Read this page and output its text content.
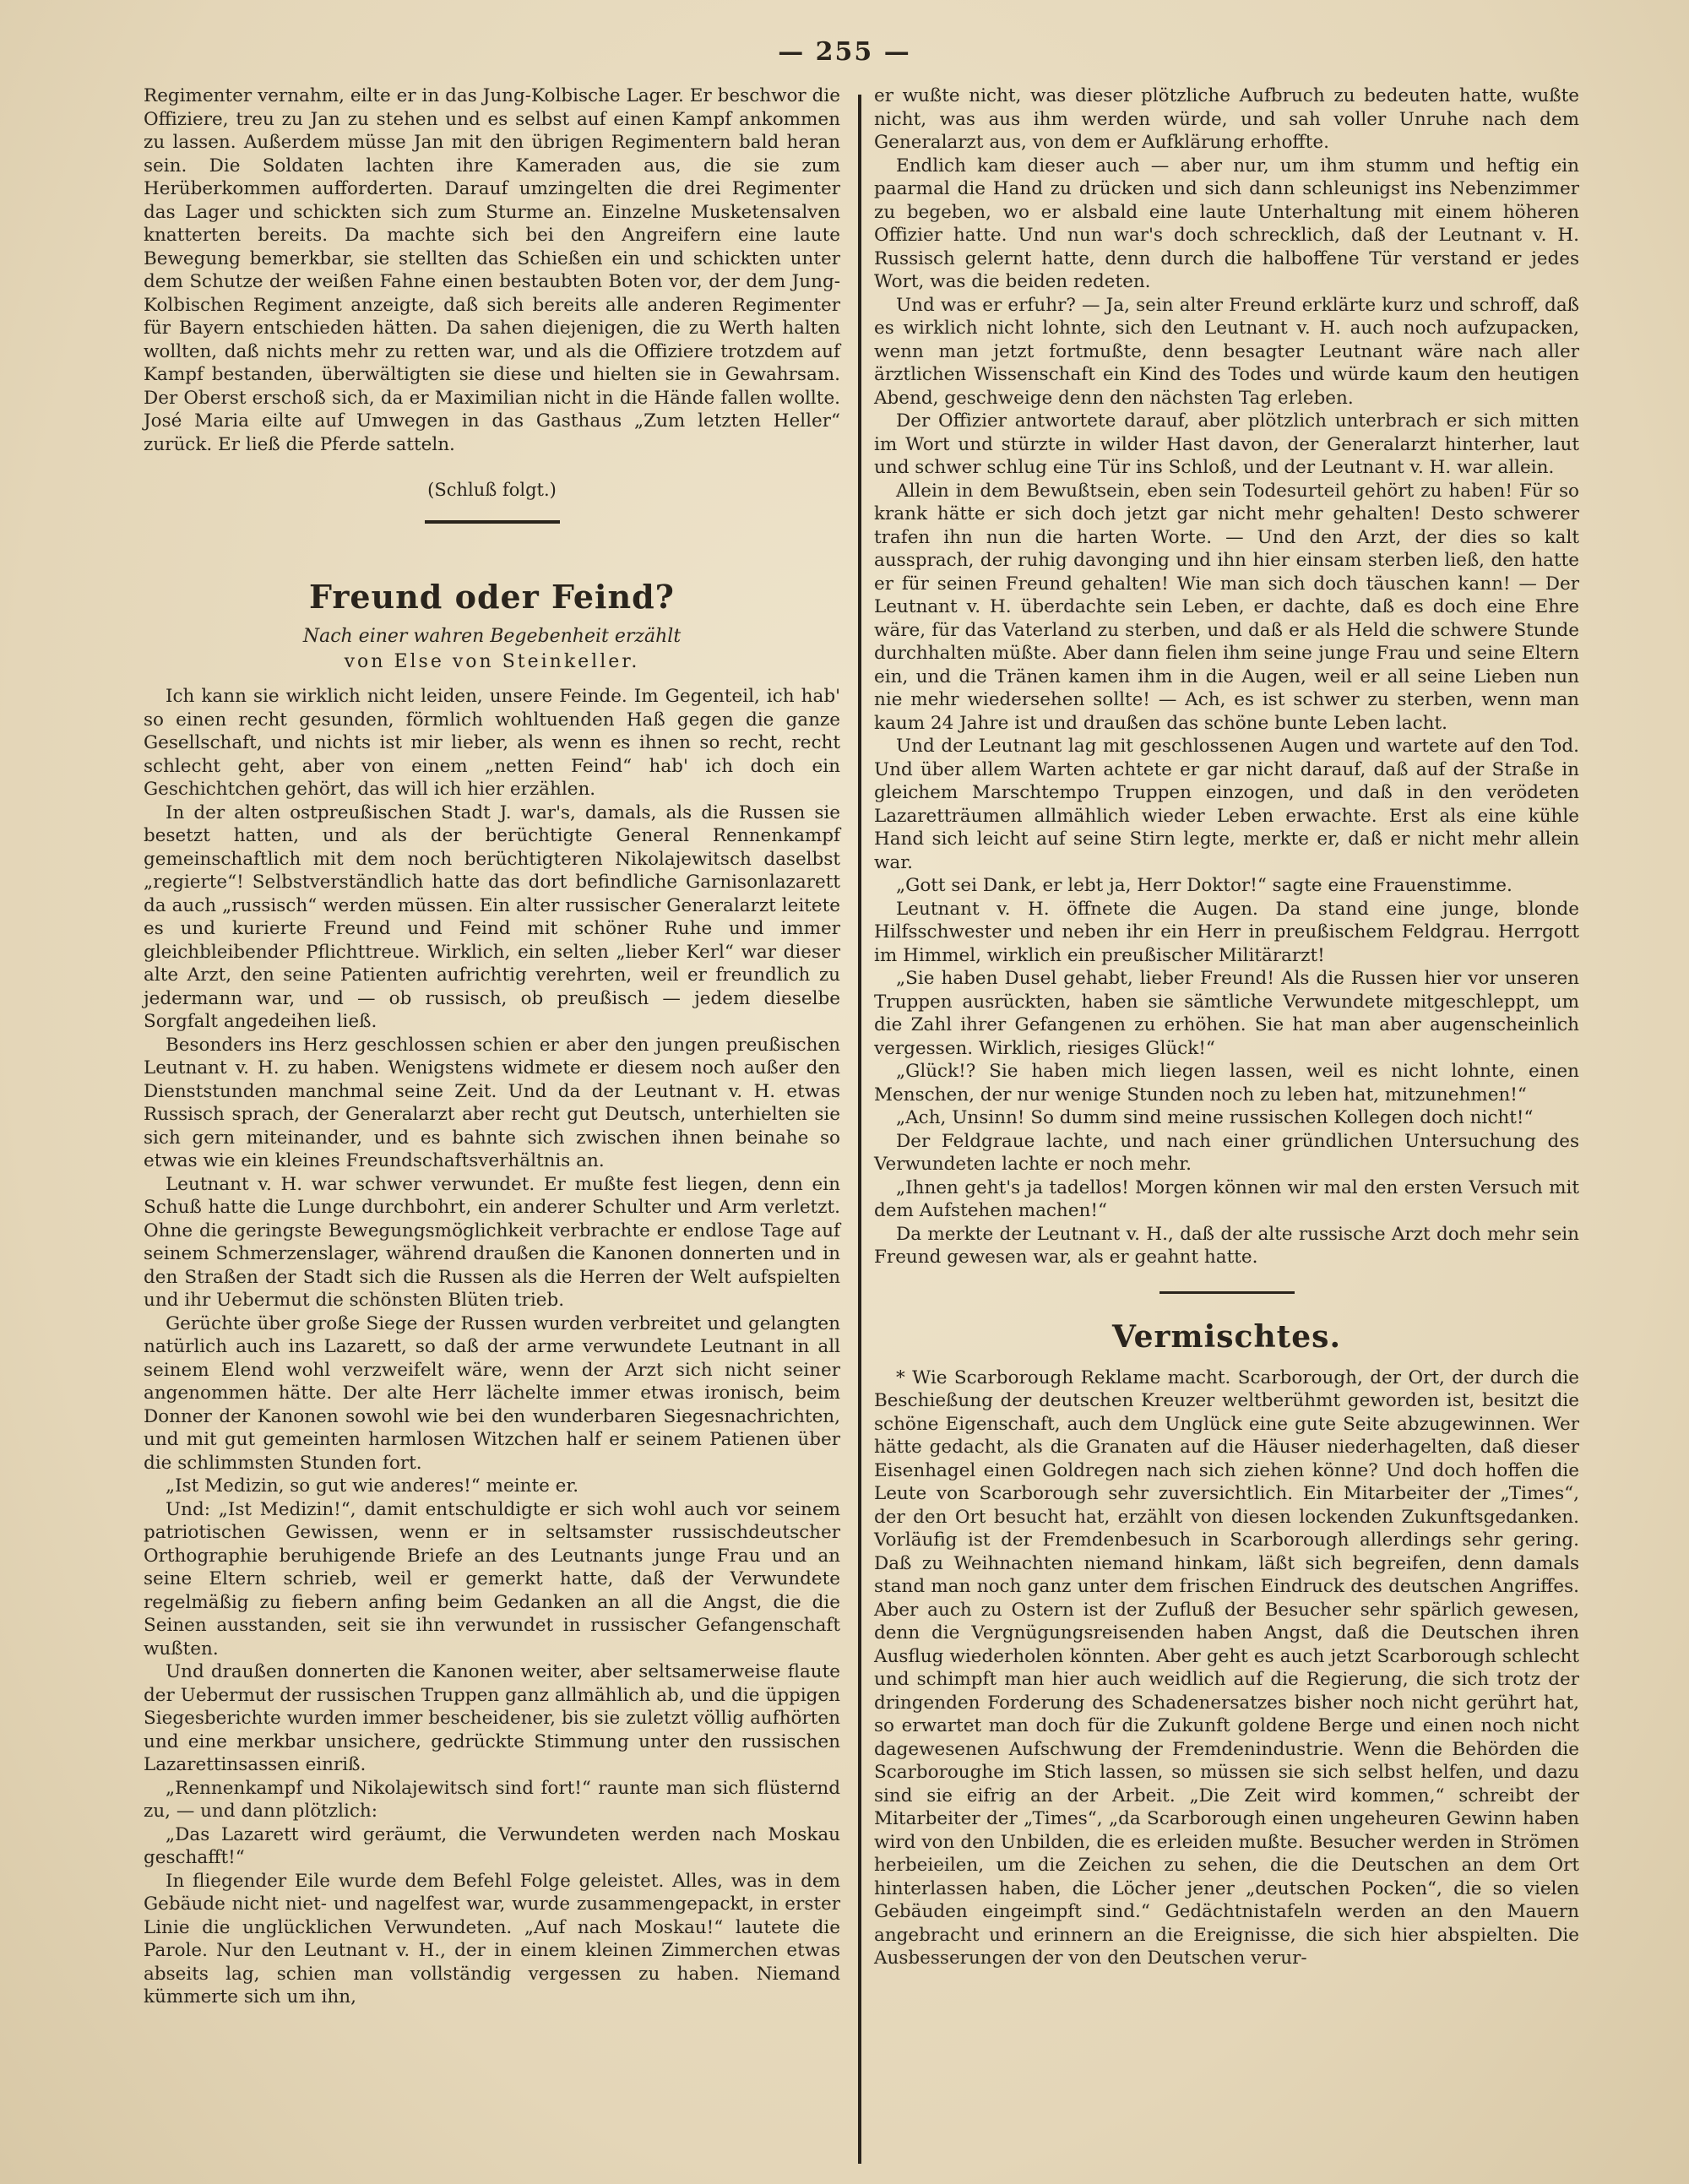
— 255 —

Regimenter vernahm, eilte er in das Jung-Kolbische Lager. Er beschwor die Offiziere, treu zu Jan zu stehen und es selbst auf einen Kampf ankommen zu lassen. Außerdem müsse Jan mit den übrigen Regimentern bald heran sein. Die Soldaten lachten ihre Kameraden aus, die sie zum Herüberkommen aufforderten. Darauf umzingelten die drei Regimenter das Lager und schickten sich zum Sturme an. Einzelne Musketensalven knatterten bereits. Da machte sich bei den Angreifern eine laute Bewegung bemerkbar, sie stellten das Schießen ein und schickten unter dem Schutze der weißen Fahne einen bestaubten Boten vor, der dem Jung-Kolbischen Regiment anzeigte, daß sich bereits alle anderen Regimenter für Bayern entschieden hätten. Da sahen diejenigen, die zu Werth halten wollten, daß nichts mehr zu retten war, und als die Offiziere trotzdem auf Kampf bestanden, überwältigten sie diese und hielten sie in Gewahrsam. Der Oberst erschoß sich, da er Maximilian nicht in die Hände fallen wollte. José Maria eilte auf Umwegen in das Gasthaus „Zum letzten Heller“ zurück. Er ließ die Pferde satteln.

(Schluß folgt.)
Freund oder Feind?
Nach einer wahren Begebenheit erzählt
von Else von Steinkeller.

Ich kann sie wirklich nicht leiden, unsere Feinde. Im Gegenteil, ich hab' so einen recht gesunden, förmlich wohltuenden Haß gegen die ganze Gesellschaft, und nichts ist mir lieber, als wenn es ihnen so recht, recht schlecht geht, aber von einem „netten Feind“ hab' ich doch ein Geschichtchen gehört, das will ich hier erzählen.

In der alten ostpreußischen Stadt J. war's, damals, als die Russen sie besetzt hatten, und als der berüchtigte General Rennenkampf gemeinschaftlich mit dem noch berüchtigteren Nikolajewitsch daselbst „regierte“! Selbstverständlich hatte das dort befindliche Garnisonlazarett da auch „russisch“ werden müssen. Ein alter russischer Generalarzt leitete es und kurierte Freund und Feind mit schöner Ruhe und immer gleichbleibender Pflichttreue. Wirklich, ein selten „lieber Kerl“ war dieser alte Arzt, den seine Patienten aufrichtig verehrten, weil er freundlich zu jedermann war, und — ob russisch, ob preußisch — jedem dieselbe Sorgfalt angedeihen ließ.

Besonders ins Herz geschlossen schien er aber den jungen preußischen Leutnant v. H. zu haben. Wenigstens widmete er diesem noch außer den Dienststunden manchmal seine Zeit. Und da der Leutnant v. H. etwas Russisch sprach, der Generalarzt aber recht gut Deutsch, unterhielten sie sich gern miteinander, und es bahnte sich zwischen ihnen beinahe so etwas wie ein kleines Freundschaftsverhältnis an.

Leutnant v. H. war schwer verwundet. Er mußte fest liegen, denn ein Schuß hatte die Lunge durchbohrt, ein anderer Schulter und Arm verletzt. Ohne die geringste Bewegungsmöglichkeit verbrachte er endlose Tage auf seinem Schmerzenslager, während draußen die Kanonen donnerten und in den Straßen der Stadt sich die Russen als die Herren der Welt aufspielten und ihr Uebermut die schönsten Blüten trieb.

Gerüchte über große Siege der Russen wurden verbreitet und gelangten natürlich auch ins Lazarett, so daß der arme verwundete Leutnant in all seinem Elend wohl verzweifelt wäre, wenn der Arzt sich nicht seiner angenommen hätte. Der alte Herr lächelte immer etwas ironisch, beim Donner der Kanonen sowohl wie bei den wunderbaren Siegesnachrichten, und mit gut gemeinten harmlosen Witzchen half er seinem Patienen über die schlimmsten Stunden fort.

„Ist Medizin, so gut wie anderes!“ meinte er.

Und: „Ist Medizin!“, damit entschuldigte er sich wohl auch vor seinem patriotischen Gewissen, wenn er in seltsamster russischdeutscher Orthographie beruhigende Briefe an des Leutnants junge Frau und an seine Eltern schrieb, weil er gemerkt hatte, daß der Verwundete regelmäßig zu fiebern anfing beim Gedanken an all die Angst, die die Seinen ausstanden, seit sie ihn verwundet in russischer Gefangenschaft wußten.

Und draußen donnerten die Kanonen weiter, aber seltsamerweise flaute der Uebermut der russischen Truppen ganz allmählich ab, und die üppigen Siegesberichte wurden immer bescheidener, bis sie zuletzt völlig aufhörten und eine merkbar unsichere, gedrückte Stimmung unter den russischen Lazarettinsassen einriß.

„Rennenkampf und Nikolajewitsch sind fort!“ raunte man sich flüsternd zu, — und dann plötzlich:

„Das Lazarett wird geräumt, die Verwundeten werden nach Moskau geschafft!“

In fliegender Eile wurde dem Befehl Folge geleistet. Alles, was in dem Gebäude nicht niet- und nagelfest war, wurde zusammengepackt, in erster Linie die unglücklichen Verwundeten. „Auf nach Moskau!“ lautete die Parole. Nur den Leutnant v. H., der in einem kleinen Zimmerchen etwas abseits lag, schien man vollständig vergessen zu haben. Niemand kümmerte sich um ihn,

er wußte nicht, was dieser plötzliche Aufbruch zu bedeuten hatte, wußte nicht, was aus ihm werden würde, und sah voller Unruhe nach dem Generalarzt aus, von dem er Aufklärung erhoffte.

Endlich kam dieser auch — aber nur, um ihm stumm und heftig ein paarmal die Hand zu drücken und sich dann schleunigst ins Nebenzimmer zu begeben, wo er alsbald eine laute Unterhaltung mit einem höheren Offizier hatte. Und nun war's doch schrecklich, daß der Leutnant v. H. Russisch gelernt hatte, denn durch die halboffene Tür verstand er jedes Wort, was die beiden redeten.

Und was er erfuhr? — Ja, sein alter Freund erklärte kurz und schroff, daß es wirklich nicht lohnte, sich den Leutnant v. H. auch noch aufzupacken, wenn man jetzt fortmußte, denn besagter Leutnant wäre nach aller ärztlichen Wissenschaft ein Kind des Todes und würde kaum den heutigen Abend, geschweige denn den nächsten Tag erleben.

Der Offizier antwortete darauf, aber plötzlich unterbrach er sich mitten im Wort und stürzte in wilder Hast davon, der Generalarzt hinterher, laut und schwer schlug eine Tür ins Schloß, und der Leutnant v. H. war allein.

Allein in dem Bewußtsein, eben sein Todesurteil gehört zu haben! Für so krank hätte er sich doch jetzt gar nicht mehr gehalten! Desto schwerer trafen ihn nun die harten Worte. — Und den Arzt, der dies so kalt aussprach, der ruhig davonging und ihn hier einsam sterben ließ, den hatte er für seinen Freund gehalten! Wie man sich doch täuschen kann! — Der Leutnant v. H. überdachte sein Leben, er dachte, daß es doch eine Ehre wäre, für das Vaterland zu sterben, und daß er als Held die schwere Stunde durchhalten müßte. Aber dann fielen ihm seine junge Frau und seine Eltern ein, und die Tränen kamen ihm in die Augen, weil er all seine Lieben nun nie mehr wiedersehen sollte! — Ach, es ist schwer zu sterben, wenn man kaum 24 Jahre ist und draußen das schöne bunte Leben lacht.

Und der Leutnant lag mit geschlossenen Augen und wartete auf den Tod. Und über allem Warten achtete er gar nicht darauf, daß auf der Straße in gleichem Marschtempo Truppen einzogen, und daß in den verödeten Lazaretträumen allmählich wieder Leben erwachte. Erst als eine kühle Hand sich leicht auf seine Stirn legte, merkte er, daß er nicht mehr allein war.

„Gott sei Dank, er lebt ja, Herr Doktor!“ sagte eine Frauenstimme.

Leutnant v. H. öffnete die Augen. Da stand eine junge, blonde Hilfsschwester und neben ihr ein Herr in preußischem Feldgrau. Herrgott im Himmel, wirklich ein preußischer Militärarzt!

„Sie haben Dusel gehabt, lieber Freund! Als die Russen hier vor unseren Truppen ausrückten, haben sie sämtliche Verwundete mitgeschleppt, um die Zahl ihrer Gefangenen zu erhöhen. Sie hat man aber augenscheinlich vergessen. Wirklich, riesiges Glück!“

„Glück!? Sie haben mich liegen lassen, weil es nicht lohnte, einen Menschen, der nur wenige Stunden noch zu leben hat, mitzunehmen!“

„Ach, Unsinn! So dumm sind meine russischen Kollegen doch nicht!“

Der Feldgraue lachte, und nach einer gründlichen Untersuchung des Verwundeten lachte er noch mehr.

„Ihnen geht's ja tadellos! Morgen können wir mal den ersten Versuch mit dem Aufstehen machen!“

Da merkte der Leutnant v. H., daß der alte russische Arzt doch mehr sein Freund gewesen war, als er geahnt hatte.

Vermischtes.

* Wie Scarborough Reklame macht. Scarborough, der Ort, der durch die Beschießung der deutschen Kreuzer weltberühmt geworden ist, besitzt die schöne Eigenschaft, auch dem Unglück eine gute Seite abzugewinnen. Wer hätte gedacht, als die Granaten auf die Häuser niederhagelten, daß dieser Eisenhagel einen Goldregen nach sich ziehen könne? Und doch hoffen die Leute von Scarborough sehr zuversichtlich. Ein Mitarbeiter der „Times“, der den Ort besucht hat, erzählt von diesen lockenden Zukunftsgedanken. Vorläufig ist der Fremdenbesuch in Scarborough allerdings sehr gering. Daß zu Weihnachten niemand hinkam, läßt sich begreifen, denn damals stand man noch ganz unter dem frischen Eindruck des deutschen Angriffes. Aber auch zu Ostern ist der Zufluß der Besucher sehr spärlich gewesen, denn die Vergnügungsreisenden haben Angst, daß die Deutschen ihren Ausflug wiederholen könnten. Aber geht es auch jetzt Scarborough schlecht und schimpft man hier auch weidlich auf die Regierung, die sich trotz der dringenden Forderung des Schadenersatzes bisher noch nicht gerührt hat, so erwartet man doch für die Zukunft goldene Berge und einen noch nicht dagewesenen Aufschwung der Fremdenindustrie. Wenn die Behörden die Scarboroughe im Stich lassen, so müssen sie sich selbst helfen, und dazu sind sie eifrig an der Arbeit. „Die Zeit wird kommen,“ schreibt der Mitarbeiter der „Times“, „da Scarborough einen ungeheuren Gewinn haben wird von den Unbilden, die es erleiden mußte. Besucher werden in Strömen herbeieilen, um die Zeichen zu sehen, die die Deutschen an dem Ort hinterlassen haben, die Löcher jener „deutschen Pocken“, die so vielen Gebäuden eingeimpft sind.“ Gedächtnistafeln werden an den Mauern angebracht und erinnern an die Ereignisse, die sich hier abspielten. Die Ausbesserungen der von den Deutschen verur-
